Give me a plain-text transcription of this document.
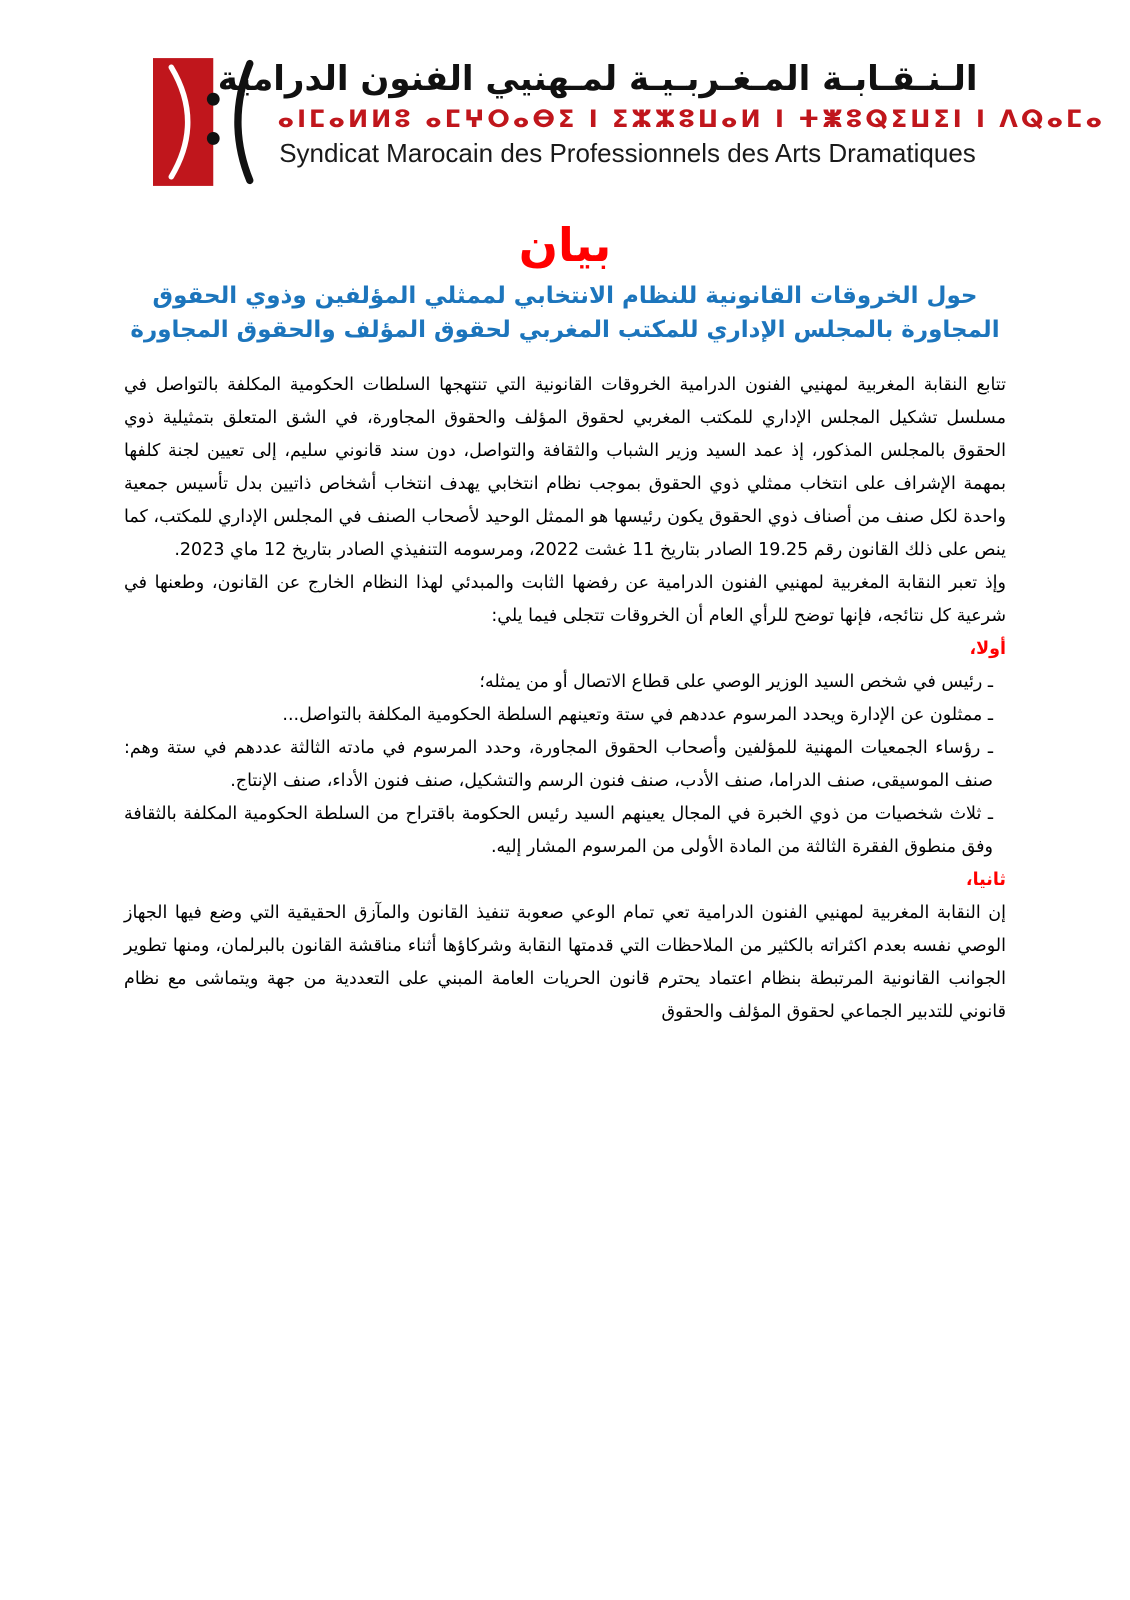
الـنـقـابـة المـغـربـيـة لمـهنيي الفنون الدرامية
ⴰⵏⵎⴰⵍⵍⵓ ⴰⵎⵖⵔⴰⴱⵉ ⵏ ⵉⵣⵣⵓⵡⴰⵍ ⵏ ⵜⵥⵓⵕⵉⵡⵉⵏ ⵏ ⴷⵕⴰⵎⴰ
Syndicat Marocain des Professionnels des Arts Dramatiques
بيان
حول الخروقات القانونية للنظام الانتخابي لممثلي المؤلفين وذوي الحقوق
المجاورة بالمجلس الإداري للمكتب المغربي لحقوق المؤلف والحقوق المجاورة

تتابع النقابة المغربية لمهنيي الفنون الدرامية الخروقات القانونية التي تنتهجها السلطات الحكومية المكلفة بالتواصل في مسلسل تشكيل المجلس الإداري للمكتب المغربي لحقوق المؤلف والحقوق المجاورة، في الشق المتعلق بتمثيلية ذوي الحقوق بالمجلس المذكور، إذ عمد السيد وزير الشباب والثقافة والتواصل، دون سند قانوني سليم، إلى تعيين لجنة كلفها بمهمة الإشراف على انتخاب ممثلي ذوي الحقوق بموجب نظام انتخابي يهدف انتخاب أشخاص ذاتيين بدل تأسيس جمعية واحدة لكل صنف من أصناف ذوي الحقوق يكون رئيسها هو الممثل الوحيد لأصحاب الصنف في المجلس الإداري للمكتب، كما ينص على ذلك القانون رقم 19.25 الصادر بتاريخ 11 غشت 2022، ومرسومه التنفيذي الصادر بتاريخ 12 ماي 2023.

وإذ تعبر النقابة المغربية لمهنيي الفنون الدرامية عن رفضها الثابت والمبدئي لهذا النظام الخارج عن القانون، وطعنها في شرعية كل نتائجه، فإنها توضح للرأي العام أن الخروقات تتجلى فيما يلي:

أولا،

ـ رئيس في شخص السيد الوزير الوصي على قطاع الاتصال أو من يمثله؛

ـ ممثلون عن الإدارة ويحدد المرسوم عددهم في ستة وتعينهم السلطة الحكومية المكلفة بالتواصل...

ـ رؤساء الجمعيات المهنية للمؤلفين وأصحاب الحقوق المجاورة، وحدد المرسوم في مادته الثالثة عددهم في ستة وهم: صنف الموسيقى، صنف الدراما، صنف الأدب، صنف فنون الرسم والتشكيل، صنف فنون الأداء، صنف الإنتاج.

ـ ثلاث شخصيات من ذوي الخبرة في المجال يعينهم السيد رئيس الحكومة باقتراح من السلطة الحكومية المكلفة بالثقافة وفق منطوق الفقرة الثالثة من المادة الأولى من المرسوم المشار إليه.

ثانيا،

إن النقابة المغربية لمهنيي الفنون الدرامية تعي تمام الوعي صعوبة تنفيذ القانون والمآزق الحقيقية التي وضع فيها الجهاز الوصي نفسه بعدم اكثراته بالكثير من الملاحظات التي قدمتها النقابة وشركاؤها أثناء مناقشة القانون بالبرلمان، ومنها تطوير الجوانب القانونية المرتبطة بنظام اعتماد يحترم قانون الحريات العامة المبني على التعددية من جهة ويتماشى مع نظام قانوني للتدبير الجماعي لحقوق المؤلف والحقوق
